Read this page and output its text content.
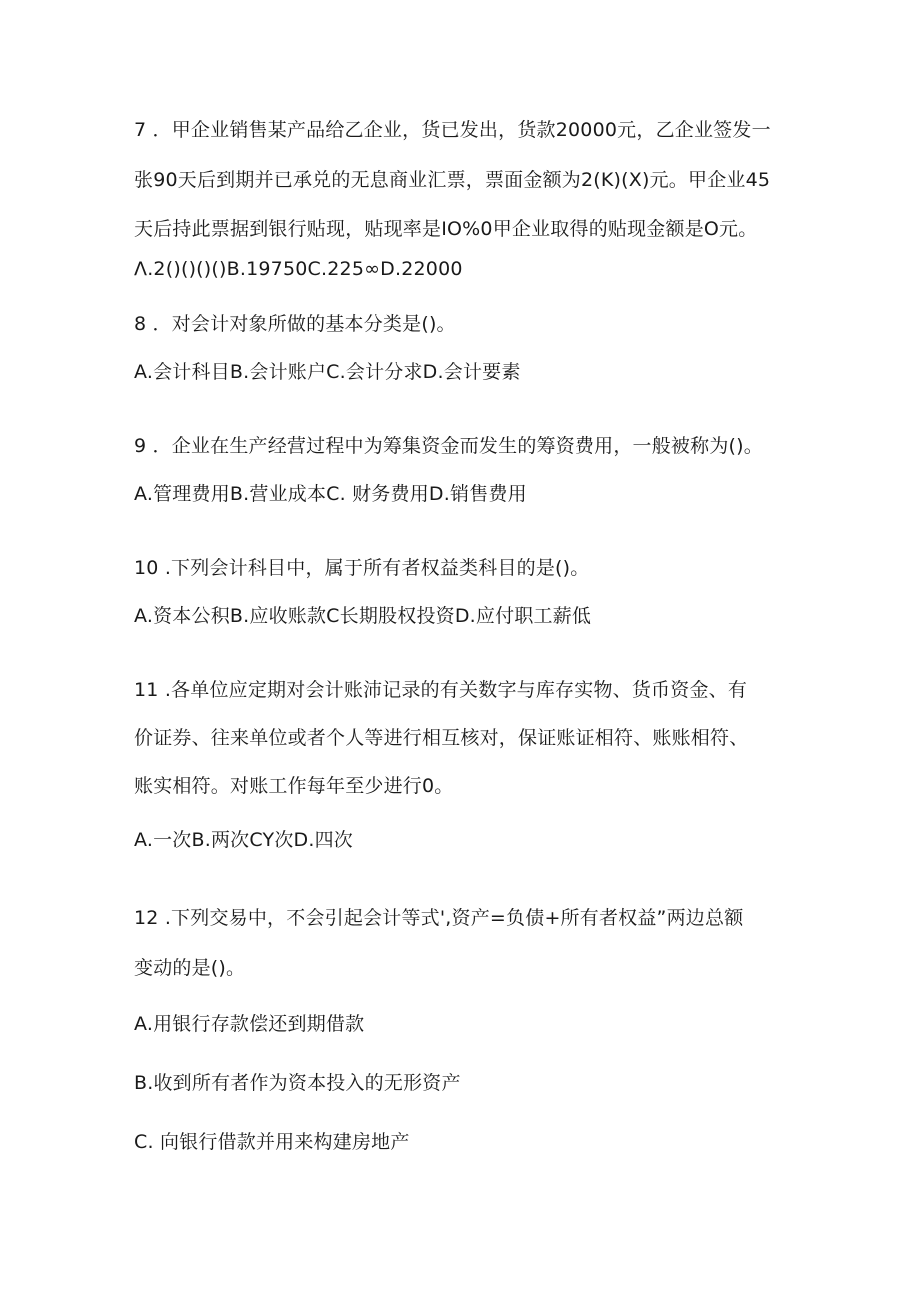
7 ．甲企业销售某产品给乙企业，货已发出，货款20000元，乙企业签发一
张90天后到期并已承兑的无息商业汇票，票面金额为2(K)(X)元。甲企业45
天后持此票据到银行贴现，贴现率是IO%0甲企业取得的贴现金额是O元。
Λ.2()()()()B.19750C.225∞D.22000
8 ．对会计对象所做的基本分类是()。
A.会计科目B.会计账户C.会计分求D.会计要素
9 ．企业在生产经营过程中为筹集资金而发生的筹资费用，一般被称为()。
A.管理费用B.营业成本C. 财务费用D.销售费用
10 .下列会计科目中，属于所有者权益类科目的是()。
A.资本公积B.应收账款C长期股权投资D.应付职工薪低
11 .各单位应定期对会计账沛记录的有关数字与库存实物、货币资金、有
价证券、往来单位或者个人等进行相互核对，保证账证相符、账账相符、
账实相符。对账工作每年至少进行0。
A.一次B.两次CY次D.四次
12 .下列交易中，不会引起会计等式',资产=负债+所有者权益”两边总额
变动的是()。
A.用银行存款偿还到期借款
B.收到所有者作为资本投入的无形资产
C. 向银行借款并用来构建房地产
